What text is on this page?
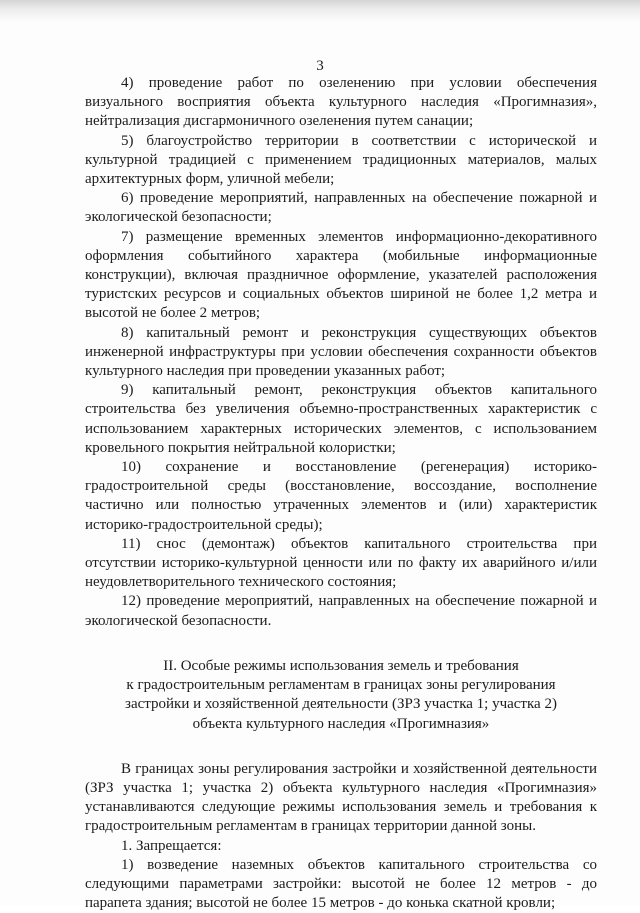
3

4) проведение работ по озеленению при условии обеспечения визуального восприятия объекта культурного наследия «Прогимназия», нейтрализация дисгармоничного озеленения путем санации;

5) благоустройство территории в соответствии с исторической и культурной традицией с применением традиционных материалов, малых архитектурных форм, уличной мебели;

6) проведение мероприятий, направленных на обеспечение пожарной и экологической безопасности;

7) размещение временных элементов информационно-декоративного оформления событийного характера (мобильные информационные конструкции), включая праздничное оформление, указателей расположения туристских ресурсов и социальных объектов шириной не более 1,2 метра и высотой не более 2 метров;

8) капитальный ремонт и реконструкция существующих объектов инженерной инфраструктуры при условии обеспечения сохранности объектов культурного наследия при проведении указанных работ;

9) капитальный ремонт, реконструкция объектов капитального строительства без увеличения объемно-пространственных характеристик с использованием характерных исторических элементов, с использованием кровельного покрытия нейтральной колористки;

10) сохранение и восстановление (регенерация) историко-градостроительной среды (восстановление, воссоздание, восполнение частично или полностью утраченных элементов и (или) характеристик историко-градостроительной среды);

11) снос (демонтаж) объектов капитального строительства при отсутствии историко-культурной ценности или по факту их аварийного и/или неудовлетворительного технического состояния;

12) проведение мероприятий, направленных на обеспечение пожарной и экологической безопасности.

II. Особые режимы использования земель и требования
к градостроительным регламентам в границах зоны регулирования
застройки и хозяйственной деятельности (ЗРЗ участка 1; участка 2)
объекта культурного наследия «Прогимназия»

В границах зоны регулирования застройки и хозяйственной деятельности (ЗРЗ участка 1; участка 2) объекта культурного наследия «Прогимназия» устанавливаются следующие режимы использования земель и требования к градостроительным регламентам в границах территории данной зоны.

1. Запрещается:

1) возведение наземных объектов капитального строительства со следующими параметрами застройки: высотой не более 12 метров - до парапета здания; высотой не более 15 метров - до конька скатной кровли;
